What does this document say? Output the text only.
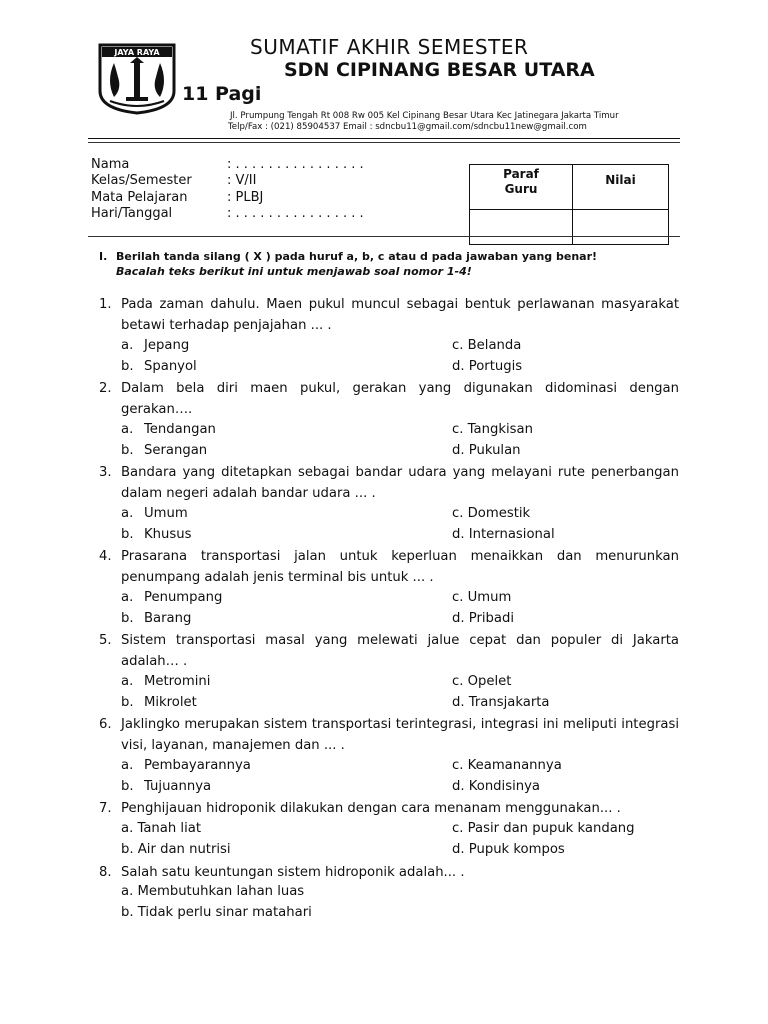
JAYA RAYA	SUMATIF AKHIR SEMESTER
SDN CIPINANG BESAR UTARA
11 Pagi
Jl. Prumpung Tengah Rt 008 Rw 005 Kel Cipinang Besar Utara Kec Jatinegara Jakarta Timur
Telp/Fax : (021) 85904537 Email : sdncbu11@gmail.com/sdncbu11new@gmail.com
Nama	: . . . . . . . . . . . . . . . .
Kelas/Semester	: V/II
Mata Pelajaran	: PLBJ
Hari/Tanggal	: . . . . . . . . . . . . . . . .
Paraf
Guru	Nilai

I. Berilah tanda silang ( X ) pada huruf a, b, c atau d pada jawaban yang benar!
Bacalah teks berikut ini untuk menjawab soal nomor 1-4!
1. Pada zaman dahulu. Maen pukul muncul sebagai bentuk perlawanan masyarakat betawi terhadap penjajahan ... .
a. Jepang	c. Belanda
b. Spanyol	d. Portugis
2. Dalam bela diri maen pukul, gerakan yang digunakan didominasi dengan gerakan….
a. Tendangan	c. Tangkisan
b. Serangan	d. Pukulan
3. Bandara yang ditetapkan sebagai bandar udara yang melayani rute penerbangan dalam negeri adalah bandar udara ... .
a. Umum	c. Domestik
b. Khusus	d. Internasional
4. Prasarana transportasi jalan untuk keperluan menaikkan dan menurunkan penumpang adalah jenis terminal bis untuk ... .
a. Penumpang	c. Umum
b. Barang	d. Pribadi
5. Sistem transportasi masal yang melewati jalue cepat dan populer di Jakarta adalah… .
a. Metromini	c. Opelet
b. Mikrolet	d. Transjakarta
6. Jaklingko merupakan sistem transportasi terintegrasi, integrasi ini meliputi integrasi visi, layanan, manajemen dan ... .
a. Pembayarannya	c. Keamanannya
b. Tujuannya	d. Kondisinya
7. Penghijauan hidroponik dilakukan dengan cara menanam menggunakan... .
a. Tanah liat	c. Pasir dan pupuk kandang
b. Air dan nutrisi	d. Pupuk kompos
8. Salah satu keuntungan sistem hidroponik adalah... .
a. Membutuhkan lahan luas
b. Tidak perlu sinar matahari
